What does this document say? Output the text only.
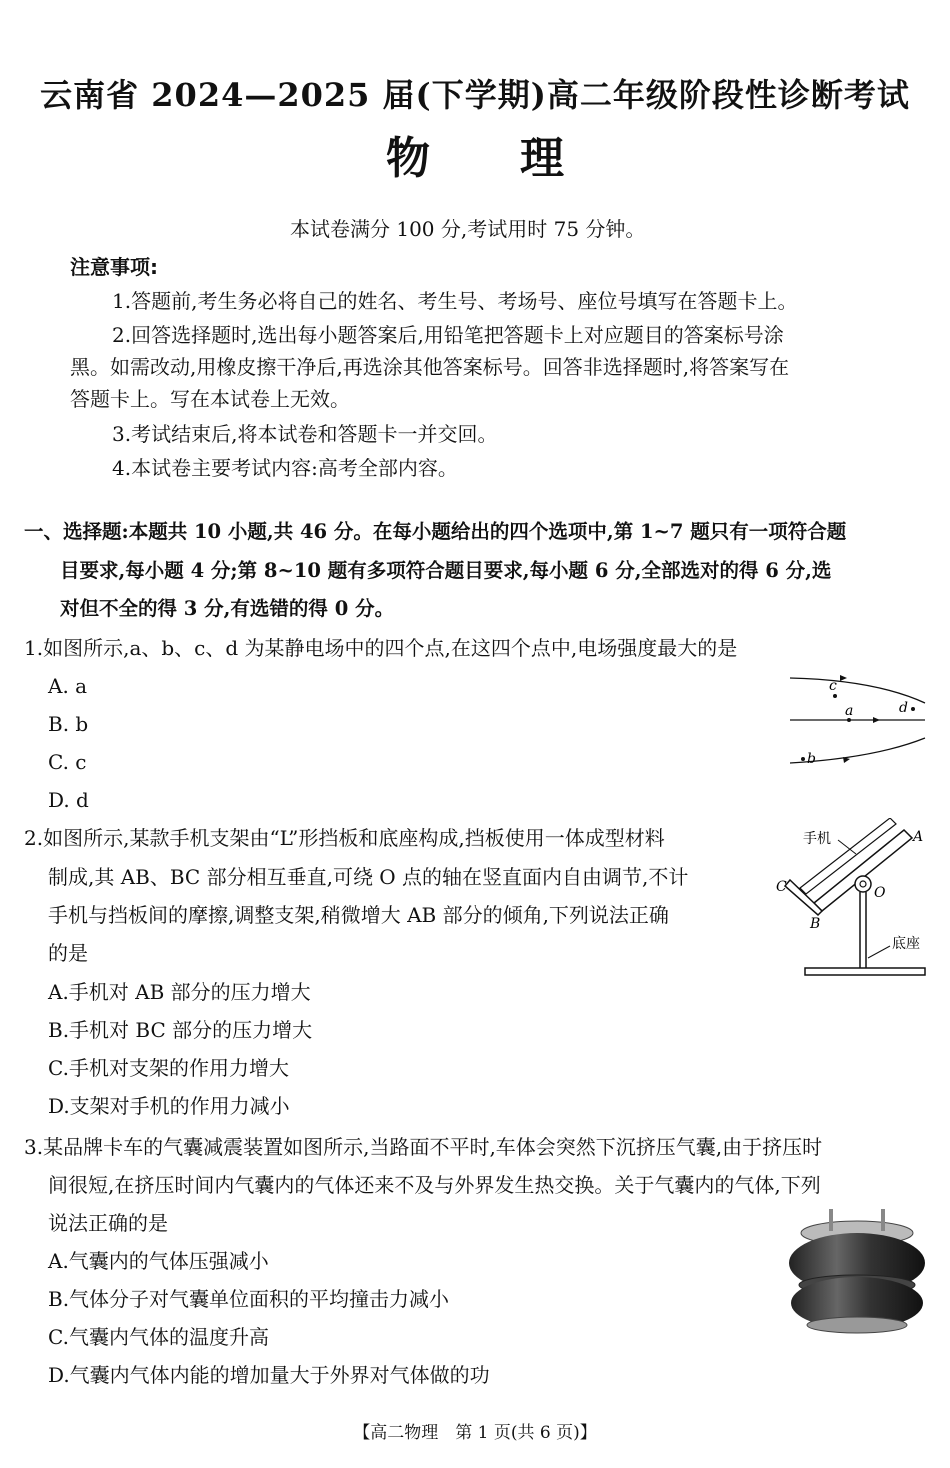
云南省 2024—2025 届(下学期)高二年级阶段性诊断考试
物理
本试卷满分 100 分,考试用时 75 分钟。
注意事项:
1.答题前,考生务必将自己的姓名、考生号、考场号、座位号填写在答题卡上。
2.回答选择题时,选出每小题答案后,用铅笔把答题卡上对应题目的答案标号涂
黑。如需改动,用橡皮擦干净后,再选涂其他答案标号。回答非选择题时,将答案写在
答题卡上。写在本试卷上无效。
3.考试结束后,将本试卷和答题卡一并交回。
4.本试卷主要考试内容:高考全部内容。
一、选择题:本题共 10 小题,共 46 分。在每小题给出的四个选项中,第 1~7 题只有一项符合题
目要求,每小题 4 分;第 8~10 题有多项符合题目要求,每小题 6 分,全部选对的得 6 分,选
对但不全的得 3 分,有选错的得 0 分。
1.如图所示,a、b、c、d 为某静电场中的四个点,在这四个点中,电场强度最大的是
A. a
B. b
C. c
D. d
c
a	d
b
2.如图所示,某款手机支架由“L”形挡板和底座构成,挡板使用一体成型材料
制成,其 AB、BC 部分相互垂直,可绕 O 点的轴在竖直面内自由调节,不计
手机与挡板间的摩擦,调整支架,稍微增大 AB 部分的倾角,下列说法正确
的是
A.手机对 AB 部分的压力增大
B.手机对 BC 部分的压力增大
C.手机对支架的作用力增大
D.支架对手机的作用力减小
手机	A
C
B
O
底座
3.某品牌卡车的气囊减震装置如图所示,当路面不平时,车体会突然下沉挤压气囊,由于挤压时
间很短,在挤压时间内气囊内的气体还来不及与外界发生热交换。关于气囊内的气体,下列
说法正确的是
A.气囊内的气体压强减小
B.气体分子对气囊单位面积的平均撞击力减小
C.气囊内气体的温度升高
D.气囊内气体内能的增加量大于外界对气体做的功
【高二物理　第 1 页(共 6 页)】
